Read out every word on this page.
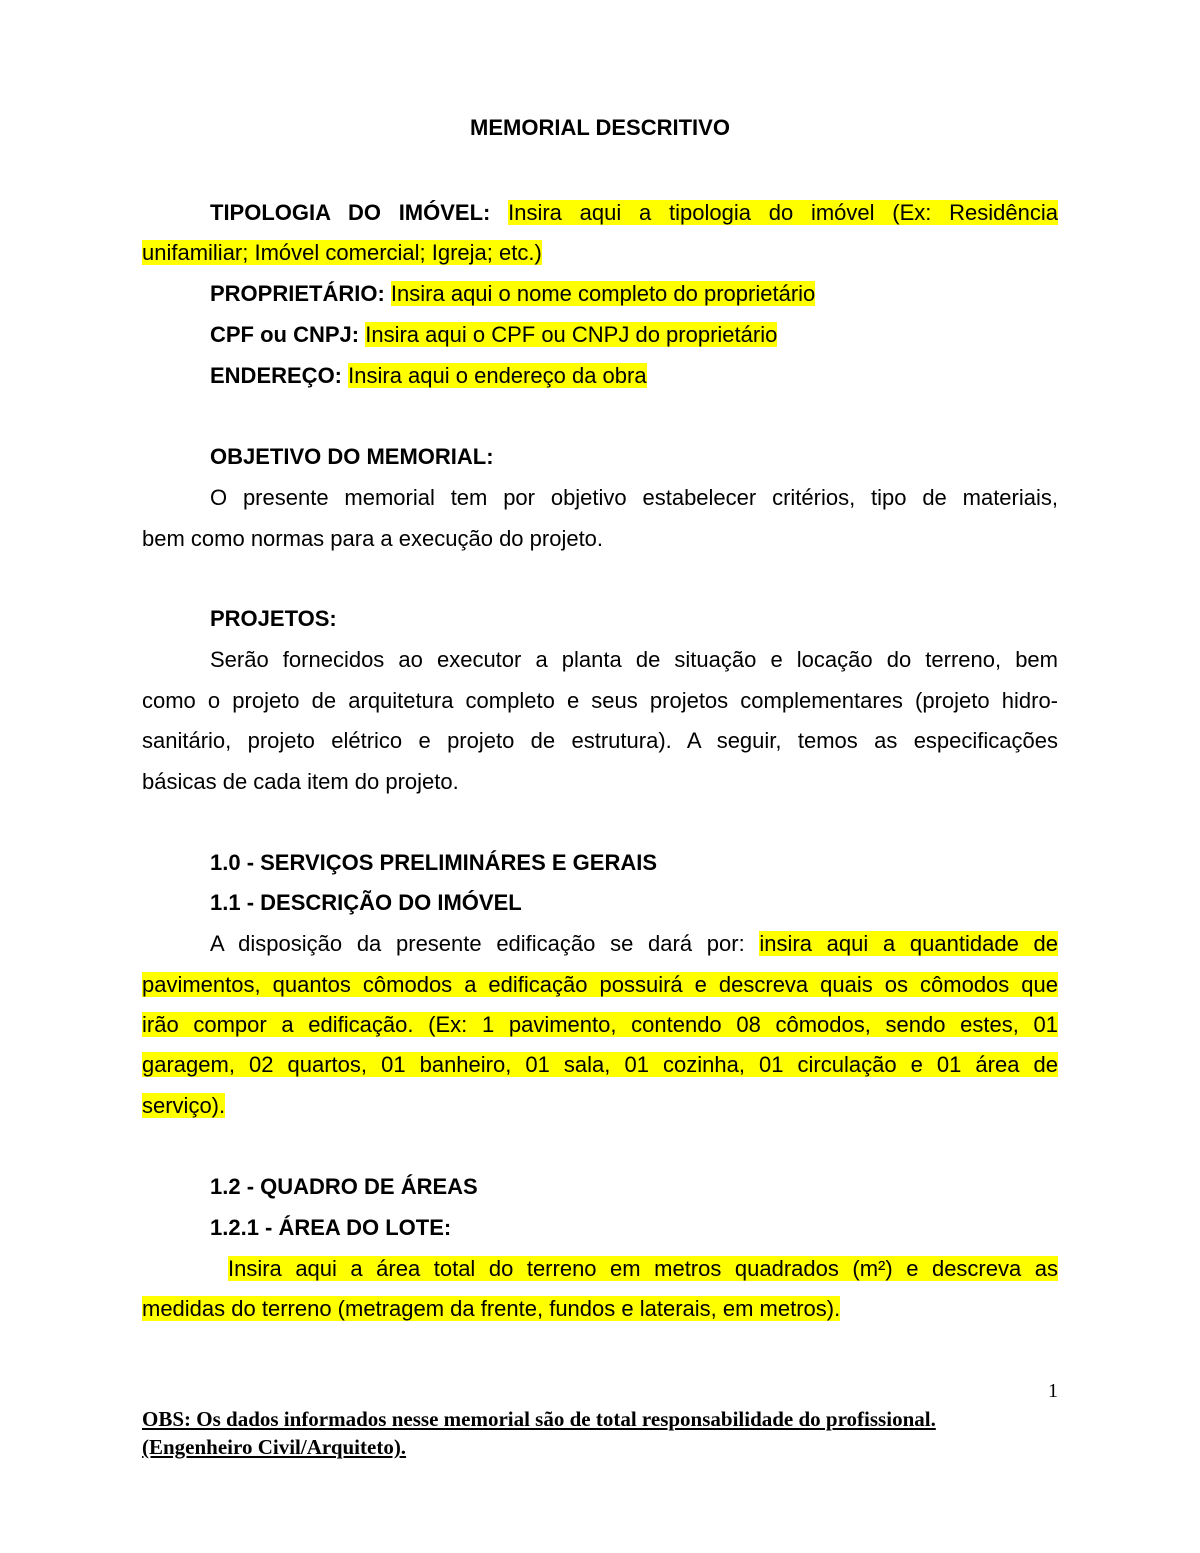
MEMORIAL DESCRITIVO
TIPOLOGIA DO IMÓVEL: Insira aqui a tipologia do imóvel (Ex: Residência
unifamiliar; Imóvel comercial; Igreja; etc.)
PROPRIETÁRIO: Insira aqui o nome completo do proprietário
CPF ou CNPJ: Insira aqui o CPF ou CNPJ do proprietário
ENDEREÇO: Insira aqui o endereço da obra
OBJETIVO DO MEMORIAL:
O presente memorial tem por objetivo estabelecer critérios, tipo de materiais,
bem como normas para a execução do projeto.
PROJETOS:
Serão fornecidos ao executor a planta de situação e locação do terreno, bem
como o projeto de arquitetura completo e seus projetos complementares (projeto hidro-
sanitário, projeto elétrico e projeto de estrutura). A seguir, temos as especificações
básicas de cada item do projeto.
1.0 - SERVIÇOS PRELIMINÁRES E GERAIS
1.1 - DESCRIÇÃO DO IMÓVEL
A disposição da presente edificação se dará por: insira aqui a quantidade de
pavimentos, quantos cômodos a edificação possuirá e descreva quais os cômodos que
irão compor a edificação. (Ex: 1 pavimento, contendo 08 cômodos, sendo estes, 01
garagem, 02 quartos, 01 banheiro, 01 sala, 01 cozinha, 01 circulação e 01 área de
serviço).
1.2 - QUADRO DE ÁREAS
1.2.1 - ÁREA DO LOTE:
Insira aqui a área total do terreno em metros quadrados (m²) e descreva as
medidas do terreno (metragem da frente, fundos e laterais, em metros).
1
OBS: Os dados informados nesse memorial são de total responsabilidade do profissional.
(Engenheiro Civil/Arquiteto).
